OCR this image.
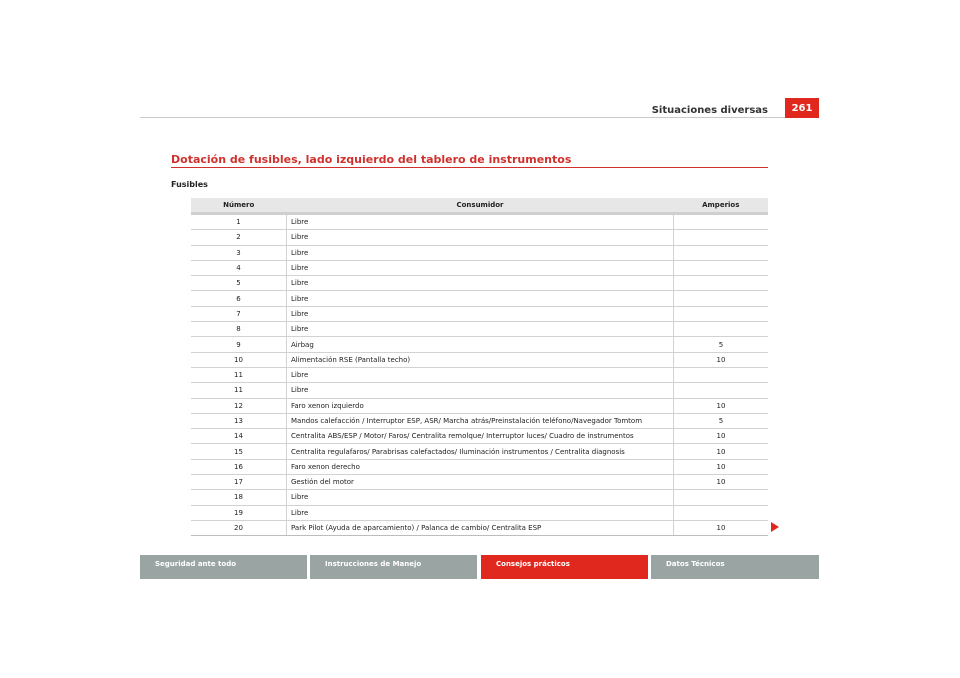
Situaciones diversas	261
Dotación de fusibles, lado izquierdo del tablero de instrumentos
Fusibles
Número	Consumidor	Amperios
1	Libre	
2	Libre	
3	Libre	
4	Libre	
5	Libre	
6	Libre	
7	Libre	
8	Libre	
9	Airbag	5
10	Alimentación RSE (Pantalla techo)	10
11	Libre	
11	Libre	
12	Faro xenon izquierdo	10
13	Mandos calefacción / Interruptor ESP, ASR/ Marcha atrás/Preinstalación teléfono/Navegador Tomtom	5
14	Centralita ABS/ESP / Motor/ Faros/ Centralita remolque/ Interruptor luces/ Cuadro de instrumentos	10
15	Centralita regulafaros/ Parabrisas calefactados/ Iluminación instrumentos / Centralita diagnosis	10
16	Faro xenon derecho	10
17	Gestión del motor	10
18	Libre	
19	Libre	
20	Park Pilot (Ayuda de aparcamiento) / Palanca de cambio/ Centralita ESP	10
Seguridad ante todo	Instrucciones de Manejo	Consejos prácticos	Datos Técnicos
